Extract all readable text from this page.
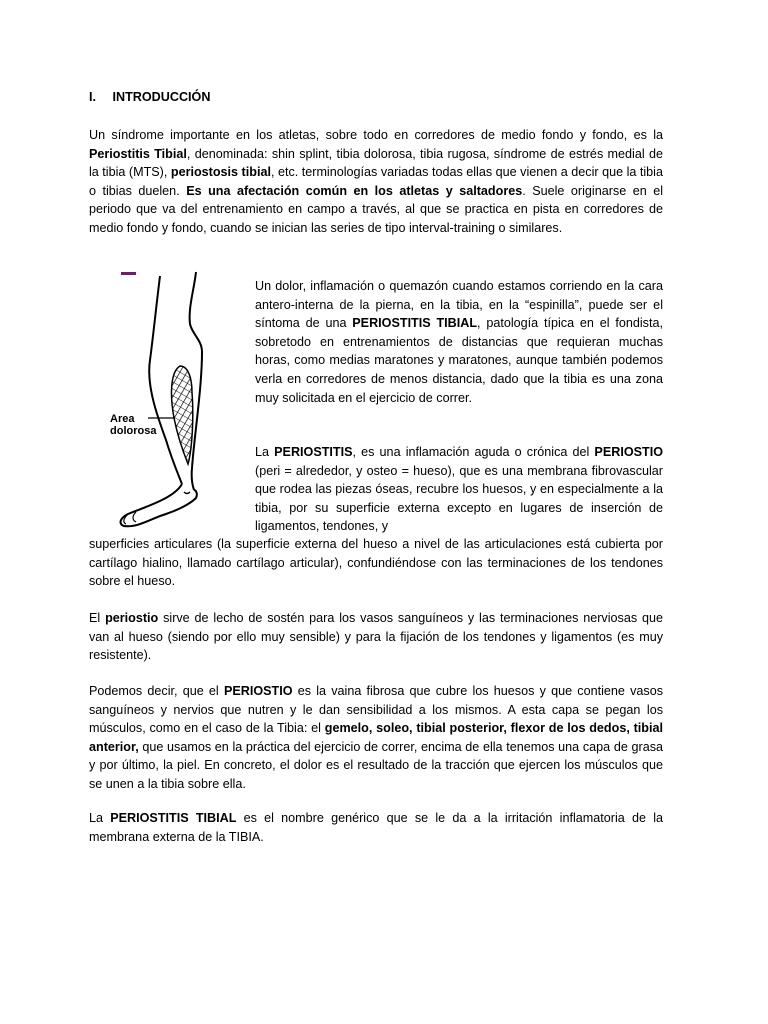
I. INTRODUCCIÓN

Un síndrome importante en los atletas, sobre todo en corredores de medio fondo y fondo, es la Periostitis Tibial, denominada: shin splint, tibia dolorosa, tibia rugosa, síndrome de estrés medial de la tibia (MTS), periostosis tibial, etc. terminologías variadas todas ellas que vienen a decir que la tibia o tibias duelen. Es una afectación común en los atletas y saltadores. Suele originarse en el periodo que va del entrenamiento en campo a través, al que se practica en pista en corredores de medio fondo y fondo, cuando se inician las series de tipo interval-training o similares.

Area
dolorosa

Un dolor, inflamación o quemazón cuando estamos corriendo en la cara antero-interna de la pierna, en la tibia, en la “espinilla”, puede ser el síntoma de una PERIOSTITIS TIBIAL, patología típica en el fondista, sobretodo en entrenamientos de distancias que requieran muchas horas, como medias maratones y maratones, aunque también podemos verla en corredores de menos distancia, dado que la tibia es una zona muy solicitada en el ejercicio de correr.

La PERIOSTITIS, es una inflamación aguda o crónica del PERIOSTIO (peri = alrededor, y osteo = hueso), que es una membrana fibrovascular que rodea las piezas óseas, recubre los huesos, y en especialmente a la tibia, por su superficie externa excepto en lugares de inserción de ligamentos, tendones, y

superficies articulares (la superficie externa del hueso a nivel de las articulaciones está cubierta por cartílago hialino, llamado cartílago articular), confundiéndose con las terminaciones de los tendones sobre el hueso.

El periostio sirve de lecho de sostén para los vasos sanguíneos y las terminaciones nerviosas que van al hueso (siendo por ello muy sensible) y para la fijación de los tendones y ligamentos (es muy resistente).

Podemos decir, que el PERIOSTIO es la vaina fibrosa que cubre los huesos y que contiene vasos sanguíneos y nervios que nutren y le dan sensibilidad a los mismos. A esta capa se pegan los músculos, como en el caso de la Tibia: el gemelo, soleo, tibial posterior, flexor de los dedos, tibial anterior, que usamos en la práctica del ejercicio de correr, encima de ella tenemos una capa de grasa y por último, la piel. En concreto, el dolor es el resultado de la tracción que ejercen los músculos que se unen a la tibia sobre ella.

La PERIOSTITIS TIBIAL es el nombre genérico que se le da a la irritación inflamatoria de la membrana externa de la TIBIA.
